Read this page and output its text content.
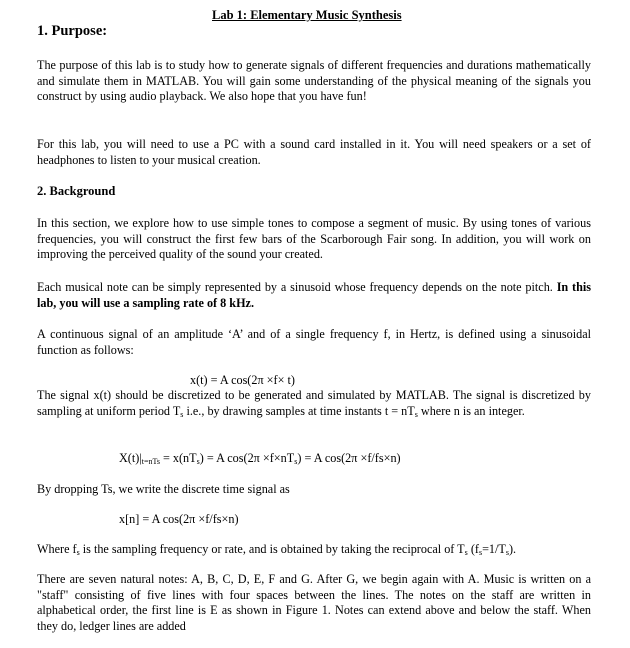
Lab 1: Elementary Music Synthesis
1. Purpose:
The purpose of this lab is to study how to generate signals of different frequencies and durations mathematically and simulate them in MATLAB. You will gain some understanding of the physical meaning of the signals you construct by using audio playback. We also hope that you have fun!
For this lab, you will need to use a PC with a sound card installed in it. You will need speakers or a set of headphones to listen to your musical creation.
2. Background
In this section, we explore how to use simple tones to compose a segment of music. By using tones of various frequencies, you will construct the first few bars of the Scarborough Fair song. In addition, you will work on improving the perceived quality of the sound your created.
Each musical note can be simply represented by a sinusoid whose frequency depends on the note pitch. In this lab, you will use a sampling rate of 8 kHz.
A continuous signal of an amplitude ‘A’ and of a single frequency f, in Hertz, is defined using a sinusoidal function as follows:
x(t) = A cos(2π ×f× t)
The signal x(t) should be discretized to be generated and simulated by MATLAB. The signal is discretized by sampling at uniform period $T_s$ i.e., by drawing samples at time instants $t = nT_s$ where n is an integer.
$X(t)|_{t=nTs} = x(nT_s) = A$ $\cos(2\pi \times f\times nT_s) = A$ cos(2π ×f/fs×n)
By dropping Ts, we write the discrete time signal as
x[n] = A cos(2π ×f/fs×n)
Where $f_s$ is the sampling frequency or rate, and is obtained by taking the reciprocal of $T_s$ $(f_s=1/T_s)$.
There are seven natural notes: A, B, C, D, E, F and G. After G, we begin again with A. Music is written on a "staff" consisting of five lines with four spaces between the lines. The notes on the staff are written in alphabetical order, the first line is E as shown in Figure 1. Notes can extend above and below the staff. When they do, ledger lines are added
